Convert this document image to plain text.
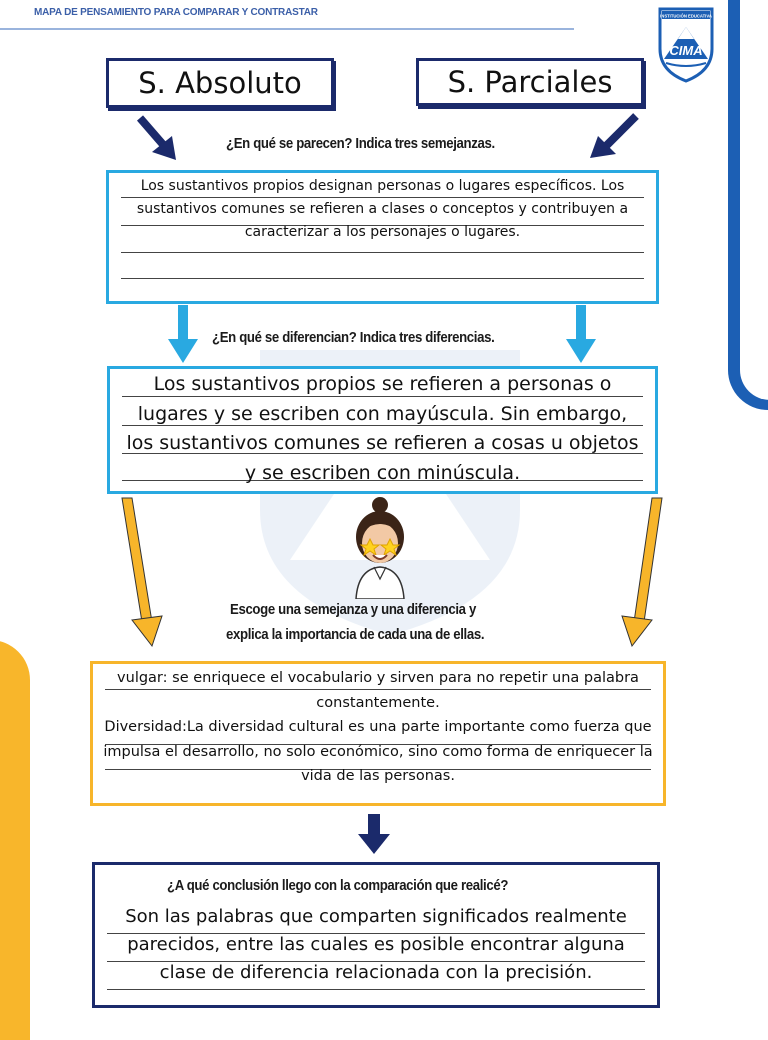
MAPA DE PENSAMIENTO PARA COMPARAR Y CONTRASTAR	INSTITUCIÓN EDUCATIVA
CIMA
S. Absoluto	S. Parciales
¿En qué se parecen? Indica tres semejanzas.
Los sustantivos propios designan personas o lugares específicos. Los sustantivos comunes se refieren a clases o conceptos y contribuyen a caracterizar a los personajes o lugares.
¿En qué se diferencian? Indica tres diferencias.
Los sustantivos propios se refieren a personas o lugares y se escriben con mayúscula. Sin embargo, los sustantivos comunes se refieren a cosas u objetos y se escriben con minúscula.
Escoge una semejanza y una diferencia y
explica la importancia de cada una de ellas.
vulgar: se enriquece el vocabulario y sirven para no repetir una palabra constantemente.
Diversidad:La diversidad cultural es una parte importante como fuerza que impulsa el desarrollo, no solo económico, sino como forma de enriquecer la vida de las personas.
¿A qué conclusión llego con la comparación que realicé?
Son las palabras que comparten significados realmente parecidos, entre las cuales es posible encontrar alguna clase de diferencia relacionada con la precisión.
